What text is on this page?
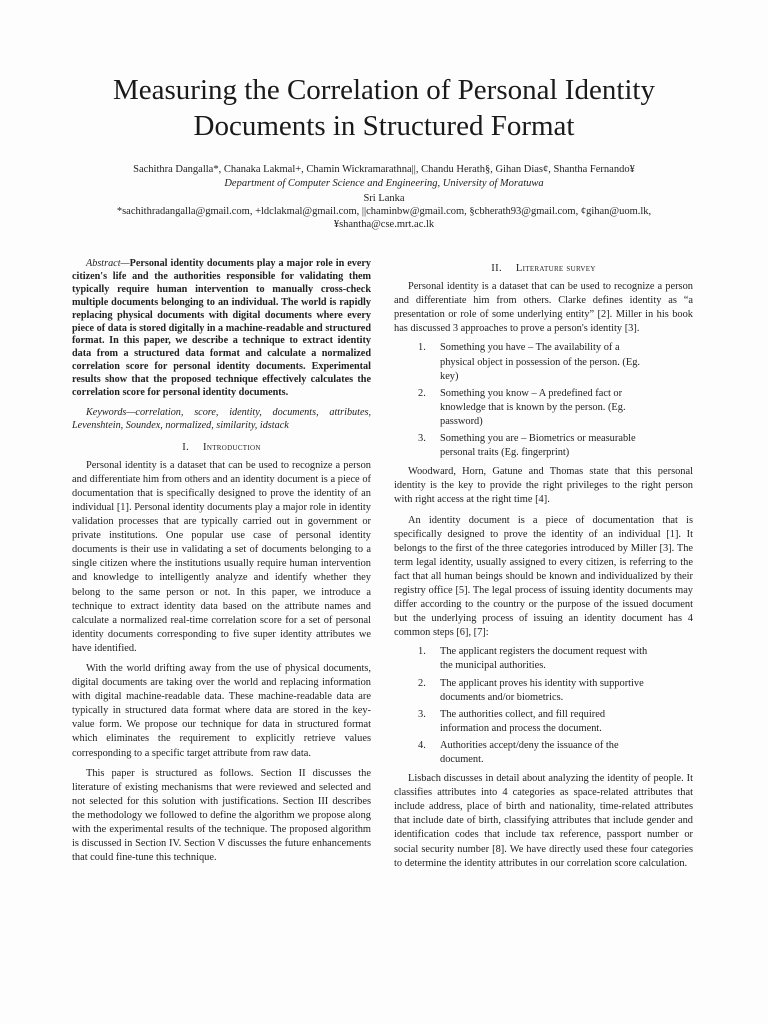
Measuring the Correlation of Personal Identity
Documents in Structured Format
Sachithra Dangalla*, Chanaka Lakmal+, Chamin Wickramarathna||, Chandu Herath§, Gihan Dias¢, Shantha Fernando¥
Department of Computer Science and Engineering, University of Moratuwa
Sri Lanka
*sachithradangalla@gmail.com, +ldclakmal@gmail.com, ||chaminbw@gmail.com, §cbherath93@gmail.com, ¢gihan@uom.lk,
¥shantha@cse.mrt.ac.lk

Abstract—Personal identity documents play a major role in every citizen's life and the authorities responsible for validating them typically require human intervention to manually cross-check multiple documents belonging to an individual. The world is rapidly replacing physical documents with digital documents where every piece of data is stored digitally in a machine-readable and structured format. In this paper, we describe a technique to extract identity data from a structured data format and calculate a normalized correlation score for personal identity documents. Experimental results show that the proposed technique effectively calculates the correlation score for personal identity documents.

Keywords—correlation, score, identity, documents, attributes, Levenshtein, Soundex, normalized, similarity, idstack

I. Introduction

Personal identity is a dataset that can be used to recognize a person and differentiate him from others and an identity document is a piece of documentation that is specifically designed to prove the identity of an individual [1]. Personal identity documents play a major role in identity validation processes that are typically carried out in government or private institutions. One popular use case of personal identity documents is their use in validating a set of documents belonging to a single citizen where the institutions usually require human intervention and knowledge to intelligently analyze and identify whether they belong to the same person or not. In this paper, we introduce a technique to extract identity data based on the attribute names and calculate a normalized real-time correlation score for a set of personal identity documents corresponding to five super identity attributes we have identified.

With the world drifting away from the use of physical documents, digital documents are taking over the world and replacing information with digital machine-readable data. These machine-readable data are typically in structured data format where data are stored in the key-value form. We propose our technique for data in structured format which eliminates the requirement to explicitly retrieve values corresponding to a specific target attribute from raw data.

This paper is structured as follows. Section II discusses the literature of existing mechanisms that were reviewed and selected and not selected for this solution with justifications. Section III describes the methodology we followed to define the algorithm we propose along with the experimental results of the technique. The proposed algorithm is discussed in Section IV. Section V discusses the future enhancements that could fine-tune this technique.

II. Literature survey

Personal identity is a dataset that can be used to recognize a person and differentiate him from others. Clarke defines identity as “a presentation or role of some underlying entity” [2]. Miller in his book has discussed 3 approaches to prove a person's identity [3].

1. Something you have – The availability of a physical object in possession of the person. (Eg. key)
2. Something you know – A predefined fact or knowledge that is known by the person. (Eg. password)
3. Something you are – Biometrics or measurable personal traits (Eg. fingerprint)

Woodward, Horn, Gatune and Thomas state that this personal identity is the key to provide the right privileges to the right person with right access at the right time [4].

An identity document is a piece of documentation that is specifically designed to prove the identity of an individual [1]. It belongs to the first of the three categories introduced by Miller [3]. The term legal identity, usually assigned to every citizen, is referring to the fact that all human beings should be known and individualized by their registry office [5]. The legal process of issuing identity documents may differ according to the country or the purpose of the issued document but the underlying process of issuing an identity document has 4 common steps [6], [7]:

1. The applicant registers the document request with the municipal authorities.
2. The applicant proves his identity with supportive documents and/or biometrics.
3. The authorities collect, and fill required information and process the document.
4. Authorities accept/deny the issuance of the document.

Lisbach discusses in detail about analyzing the identity of people. It classifies attributes into 4 categories as space-related attributes that include address, place of birth and nationality, time-related attributes that include date of birth, classifying attributes that include gender and identification codes that include tax reference, passport number or social security number [8]. We have directly used these four categories to determine the identity attributes in our correlation score calculation.
